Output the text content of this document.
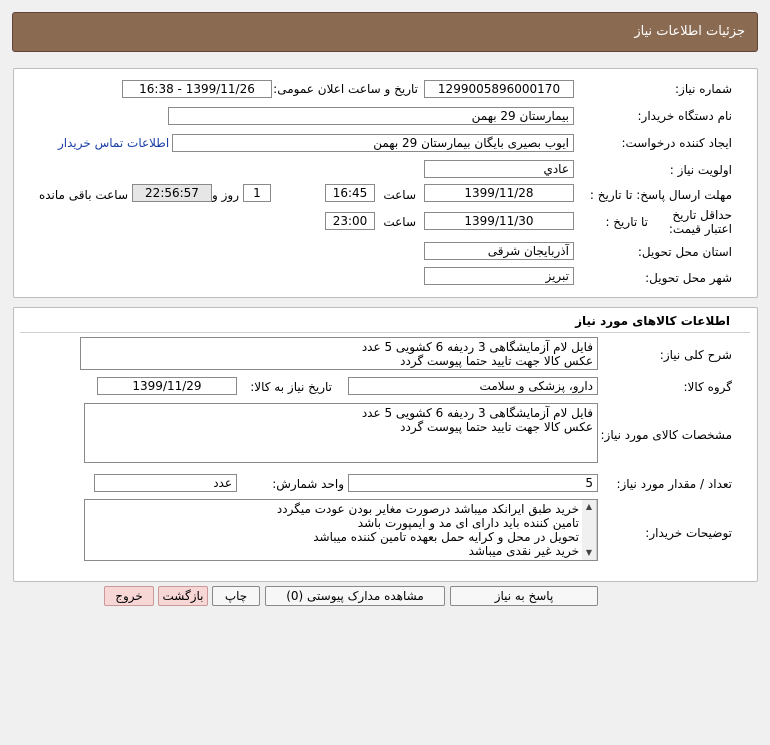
جزئیات اطلاعات نیاز
شماره نیاز:
1299005896000170
تاریخ و ساعت اعلان عمومی:
1399/11/26 - 16:38
نام دستگاه خریدار:
بیمارستان 29 بهمن
ایجاد کننده درخواست:
ایوب بصیری بایگان بیمارستان 29 بهمن
اطلاعات تماس خریدار
اولویت نیاز :
عادي
مهلت ارسال پاسخ: تا تاریخ :
1399/11/28
ساعت
16:45
1
روز و
22:56:57
ساعت باقی مانده
حداقل تاریخ اعتبار قیمت:
تا تاریخ :
1399/11/30
ساعت
23:00
استان محل تحویل:
آذربایجان شرقی
شهر محل تحویل:
تبریز
اطلاعات کالاهای مورد نیاز
شرح کلی نیاز:
فایل لام آزمایشگاهی 3 ردیفه 6 کشویی 5 عدد
عکس کالا جهت تایید حتما پیوست گردد
گروه کالا:
دارو، پزشکی و سلامت
تاریخ نیاز به کالا:
1399/11/29
مشخصات کالای مورد نیاز:
فایل لام آزمایشگاهی 3 ردیفه 6 کشویی 5 عدد
عکس کالا جهت تایید حتما پیوست گردد
تعداد / مقدار مورد نیاز:
5
واحد شمارش:
عدد
توضیحات خریدار:
خرید طبق ایرانکد میباشد درصورت مغایر بودن عودت میگردد
تامین کننده باید دارای ای مد و ایمپورت باشد
تحویل در محل و کرایه حمل بعهده تامین کننده میباشد
خرید غیر نقدی میباشد
▲
▼
پاسخ به نیاز
مشاهده مدارک پیوستی (0)
چاپ
بازگشت
خروج
